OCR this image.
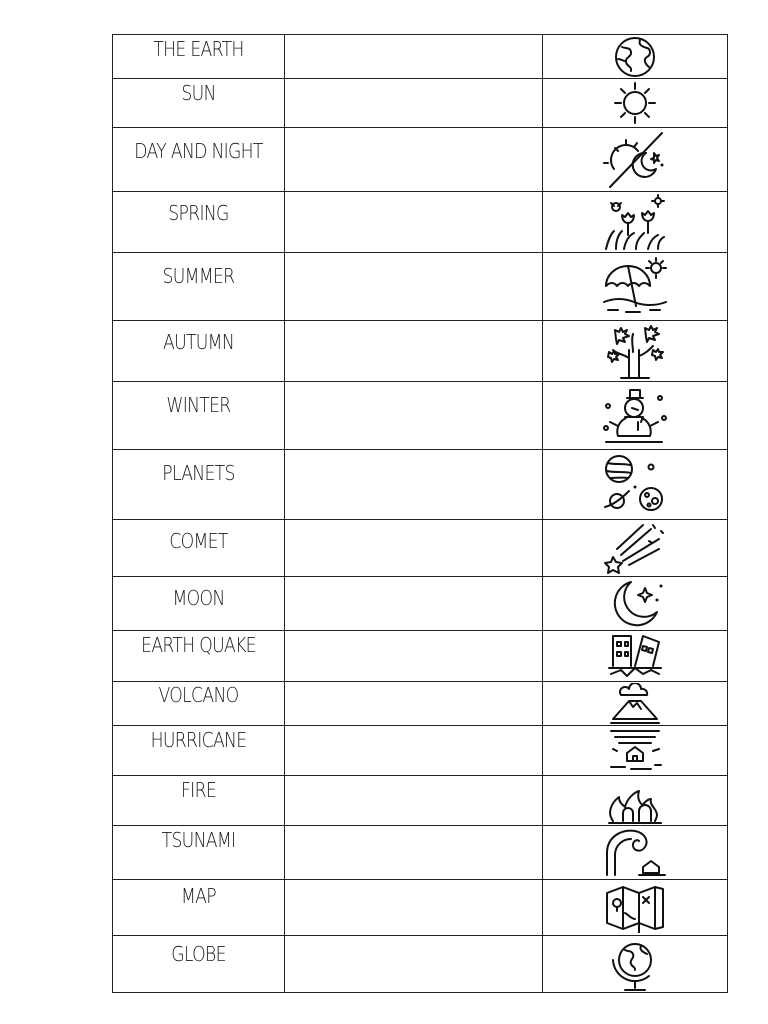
THE EARTH
SUN
DAY AND NIGHT
SPRING
SUMMER
AUTUMN
WINTER
PLANETS
COMET
MOON
EARTH QUAKE
VOLCANO
HURRICANE
FIRE
TSUNAMI
MAP
GLOBE
